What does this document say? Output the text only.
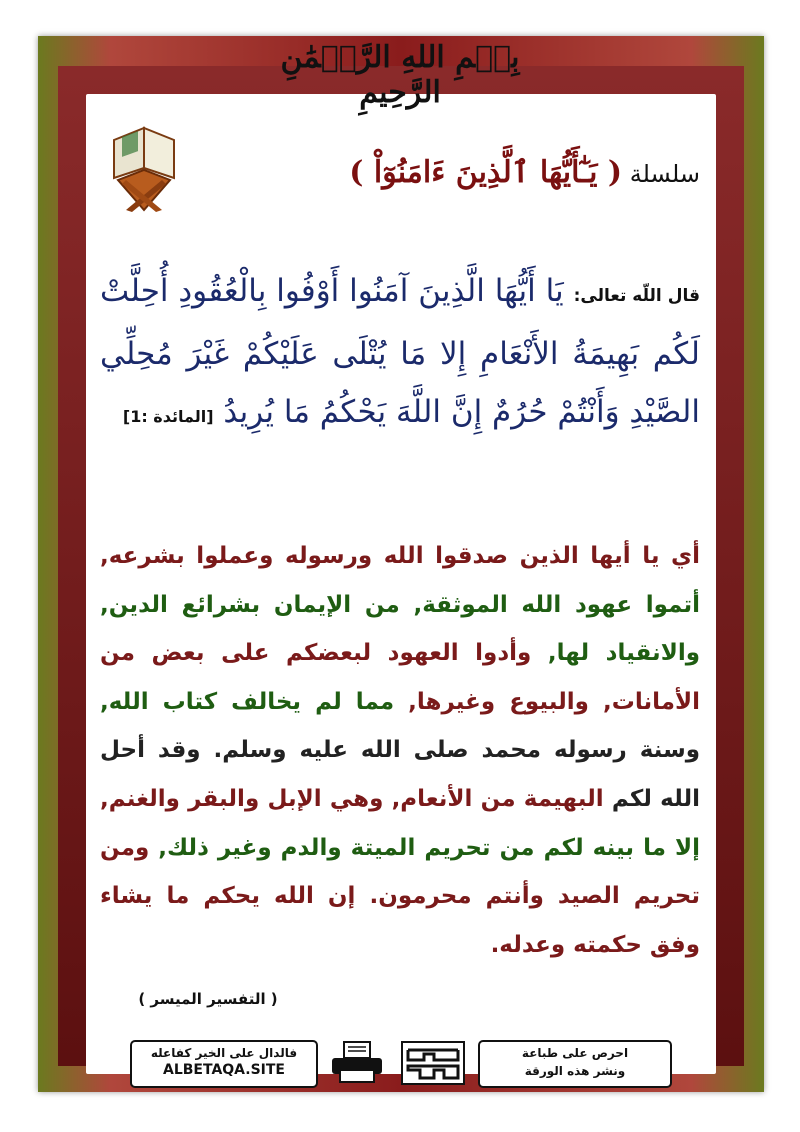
بِسۡمِ اللهِ الرَّحۡمَٰنِ الرَّحِيمِ
سلسلة ( يَـٰٓأَيُّهَا ٱلَّذِينَ ءَامَنُوٓاْ )
قال اللّه تعالى: يَا أَيُّهَا الَّذِينَ آمَنُوا أَوْفُوا بِالْعُقُودِ أُحِلَّتْ لَكُم بَهِيمَةُ الأَنْعَامِ إِلا مَا يُتْلَى عَلَيْكُمْ غَيْرَ مُحِلِّي الصَّيْدِ وَأَنْتُمْ حُرُمٌ إِنَّ اللَّهَ يَحْكُمُ مَا يُرِيدُ [المائدة :1]
أي يا أيها الذين صدقوا الله ورسوله وعملوا بشرعه, أتموا عهود الله الموثقة, من الإيمان بشرائع الدين, والانقياد لها, وأدوا العهود لبعضكم على بعض من الأمانات, والبيوع وغيرها, مما لم يخالف كتاب الله, وسنة رسوله محمد صلى الله عليه وسلم. وقد أحل الله لكم البهيمة من الأنعام, وهي الإبل والبقر والغنم, إلا ما بينه لكم من تحريم الميتة والدم وغير ذلك, ومن تحريم الصيد وأنتم محرمون. إن الله يحكم ما يشاء وفق حكمته وعدله.
( التفسير الميسر )
فالدال على الخير كفاعله
ALBETAQA.SITE
احرص على طباعة
ونشر هذه الورقة
